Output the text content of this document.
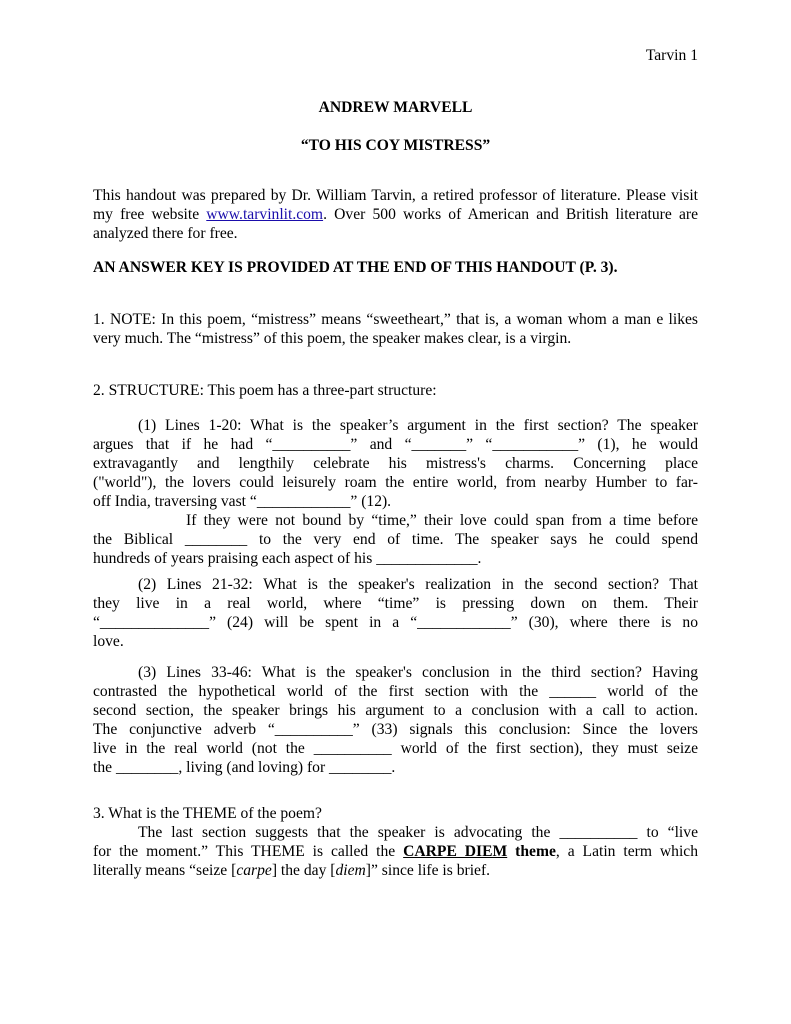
Tarvin 1
ANDREW MARVELL
“TO HIS COY MISTRESS”
This handout was prepared by Dr. William Tarvin, a retired professor of literature. Please visit my free website www.tarvinlit.com. Over 500 works of American and British literature are analyzed there for free.
AN ANSWER KEY IS PROVIDED AT THE END OF THIS HANDOUT (P. 3).
1. NOTE: In this poem, “mistress” means “sweetheart,” that is, a woman whom a man e likes very much. The “mistress” of this poem, the speaker makes clear, is a virgin.
2. STRUCTURE: This poem has a three-part structure:

(1) Lines 1-20: What is the speaker’s argument in the first section? The speaker

argues that if he had “__________” and “_______” “___________” (1), he would

extravagantly and lengthily celebrate his mistress's charms. Concerning place

("world"), the lovers could leisurely roam the entire world, from nearby Humber to far-

off India, traversing vast “____________” (12).

If they were not bound by “time,” their love could span from a time before

the Biblical ________ to the very end of time. The speaker says he could spend

hundreds of years praising each aspect of his _____________.

(2) Lines 21-32: What is the speaker's realization in the second section? That

they live in a real world, where “time” is pressing down on them. Their

“______________” (24) will be spent in a “____________” (30), where there is no

love.

(3) Lines 33-46: What is the speaker's conclusion in the third section? Having

contrasted the hypothetical world of the first section with the ______ world of the

second section, the speaker brings his argument to a conclusion with a call to action.

The conjunctive adverb “__________” (33) signals this conclusion: Since the lovers

live in the real world (not the __________ world of the first section), they must seize

the ________, living (and loving) for ________.

3. What is the THEME of the poem?

The last section suggests that the speaker is advocating the __________ to “live

for the moment.” This THEME is called the CARPE DIEM theme, a Latin term which

literally means “seize [carpe] the day [diem]” since life is brief.
